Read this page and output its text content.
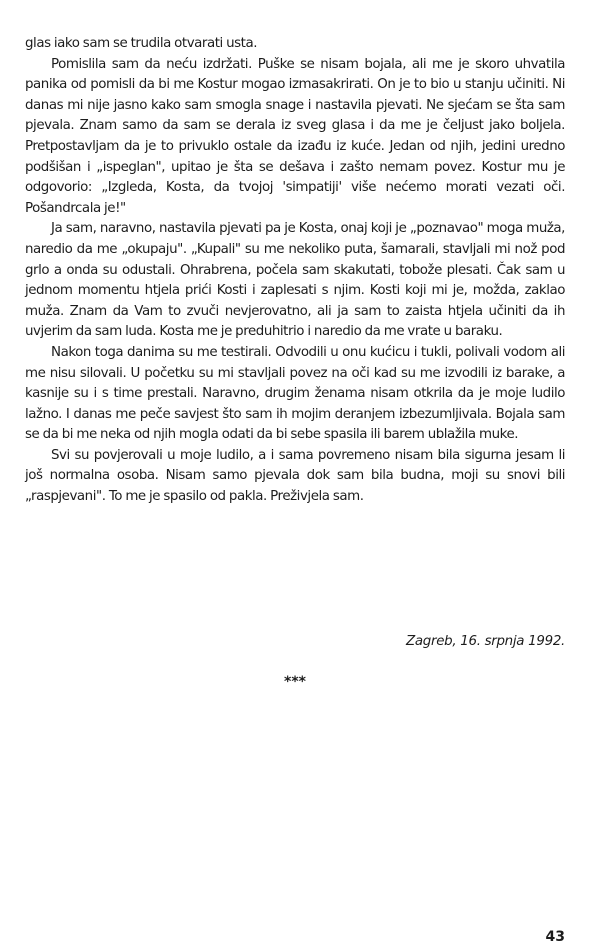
glas iako sam se trudila otvarati usta.

Pomislila sam da neću izdržati. Puške se nisam bojala, ali me je skoro uhvatila panika od pomisli da bi me Kostur mogao izmasakrirati. On je to bio u stanju učiniti. Ni danas mi nije jasno kako sam smogla snage i nastavila pjevati. Ne sjećam se šta sam pjevala. Znam samo da sam se derala iz sveg glasa i da me je čeljust jako boljela. Pretpostavljam da je to privuklo ostale da izađu iz kuće. Jedan od njih, jedini uredno podšišan i „ispeglan", upitao je šta se dešava i zašto nemam povez. Kostur mu je odgovorio: „Izgleda, Kosta, da tvojoj 'simpatiji' više nećemo morati vezati oči. Pošandrcala je!"

Ja sam, naravno, nastavila pjevati pa je Kosta, onaj koji je „poznavao" moga muža, naredio da me „okupaju". „Kupali" su me nekoliko puta, šamarali, stavljali mi nož pod grlo a onda su odustali. Ohrabrena, počela sam skakutati, tobože plesati. Čak sam u jednom momentu htjela prići Kosti i zaplesati s njim. Kosti koji mi je, možda, zaklao muža. Znam da Vam to zvuči nevjerovatno, ali ja sam to zaista htjela učiniti da ih uvjerim da sam luda. Kosta me je preduhitrio i naredio da me vrate u baraku.

Nakon toga danima su me testirali. Odvodili u onu kućicu i tukli, polivali vodom ali me nisu silovali. U početku su mi stavljali povez na oči kad su me izvodili iz barake, a kasnije su i s time prestali. Naravno, drugim ženama nisam otkrila da je moje ludilo lažno. I danas me peče savjest što sam ih mojim deranjem izbezumljivala. Bojala sam se da bi me neka od njih mogla odati da bi sebe spasila ili barem ublažila muke.

Svi su povjerovali u moje ludilo, a i sama povremeno nisam bila sigurna jesam li još normalna osoba. Nisam samo pjevala dok sam bila budna, moji su snovi bili „raspjevani". To me je spasilo od pakla. Preživjela sam.

Zagreb, 16. srpnja 1992.
***
43
